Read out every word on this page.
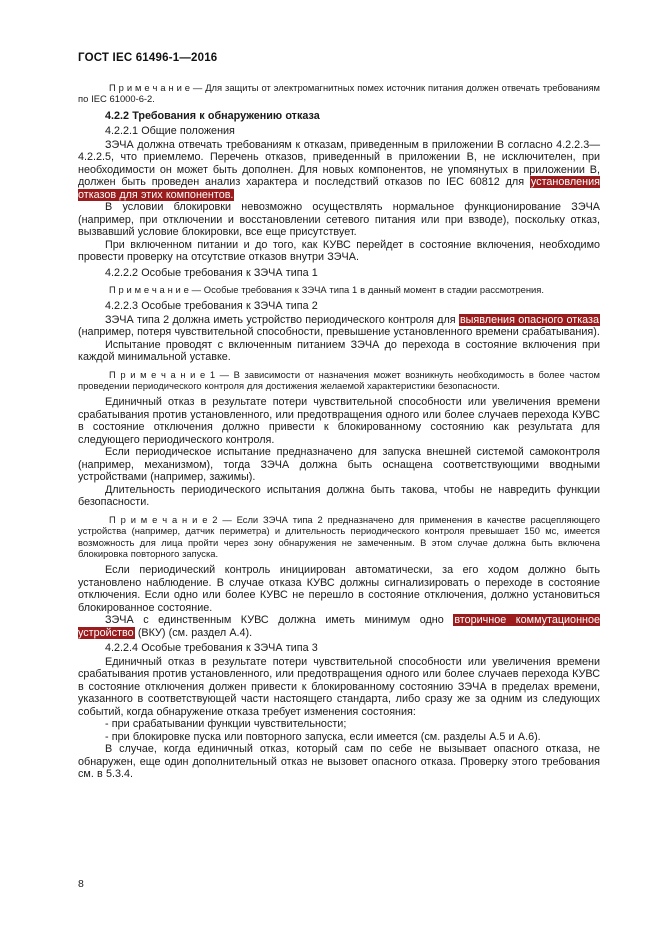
ГОСТ IEC 61496-1—2016

П р и м е ч а н и е — Для защиты от электромагнитных помех источник питания должен отвечать требованиям по IEC 61000-6-2.

4.2.2 Требования к обнаружению отказа

4.2.2.1 Общие положения

ЗЭЧА должна отвечать требованиям к отказам, приведенным в приложении B согласно 4.2.2.3—4.2.2.5, что приемлемо. Перечень отказов, приведенный в приложении B, не исключителен, при необходимости он может быть дополнен. Для новых компонентов, не упомянутых в приложении B, должен быть проведен анализ характера и последствий отказов по IEC 60812 для установления отказов для этих компонентов.

В условии блокировки невозможно осуществлять нормальное функционирование ЗЭЧА (например, при отключении и восстановлении сетевого питания или при взводе), поскольку отказ, вызвавший условие блокировки, все еще присутствует.

При включенном питании и до того, как КУВС перейдет в состояние включения, необходимо провести проверку на отсутствие отказов внутри ЗЭЧА.

4.2.2.2 Особые требования к ЗЭЧА типа 1

П р и м е ч а н и е — Особые требования к ЗЭЧА типа 1 в данный момент в стадии рассмотрения.

4.2.2.3 Особые требования к ЗЭЧА типа 2

ЗЭЧА типа 2 должна иметь устройство периодического контроля для выявления опасного отказа (например, потеря чувствительной способности, превышение установленного времени срабатывания).

Испытание проводят с включенным питанием ЗЭЧА до перехода в состояние включения при каждой минимальной уставке.

П р и м е ч а н и е 1 — В зависимости от назначения может возникнуть необходимость в более частом проведении периодического контроля для достижения желаемой характеристики безопасности.

Единичный отказ в результате потери чувствительной способности или увеличения времени срабатывания против установленного, или предотвращения одного или более случаев перехода КУВС в состояние отключения должно привести к блокированному состоянию как результата для следующего периодического контроля.

Если периодическое испытание предназначено для запуска внешней системой самоконтроля (например, механизмом), тогда ЗЭЧА должна быть оснащена соответствующими вводными устройствами (например, зажимы).

Длительность периодического испытания должна быть такова, чтобы не навредить функции безопасности.

П р и м е ч а н и е 2 — Если ЗЭЧА типа 2 предназначено для применения в качестве расцепляющего устройства (например, датчик периметра) и длительность периодического контроля превышает 150 мс, имеется возможность для лица пройти через зону обнаружения не замеченным. В этом случае должна быть включена блокировка повторного запуска.

Если периодический контроль инициирован автоматически, за его ходом должно быть установлено наблюдение. В случае отказа КУВС должны сигнализировать о переходе в состояние отключения. Если одно или более КУВС не перешло в состояние отключения, должно установиться блокированное состояние.

ЗЭЧА с единственным КУВС должна иметь минимум одно вторичное коммутационное устройство (ВКУ) (см. раздел A.4).

4.2.2.4 Особые требования к ЗЭЧА типа 3

Единичный отказ в результате потери чувствительной способности или увеличения времени срабатывания против установленного, или предотвращения одного или более случаев перехода КУВС в состояние отключения должен привести к блокированному состоянию ЗЭЧА в пределах времени, указанного в соответствующей части настоящего стандарта, либо сразу же за одним из следующих событий, когда обнаружение отказа требует изменения состояния:

- при срабатывании функции чувствительности;

- при блокировке пуска или повторного запуска, если имеется (см. разделы A.5 и A.6).

В случае, когда единичный отказ, который сам по себе не вызывает опасного отказа, не обнаружен, еще один дополнительный отказ не вызовет опасного отказа. Проверку этого требования см. в 5.3.4.

8
